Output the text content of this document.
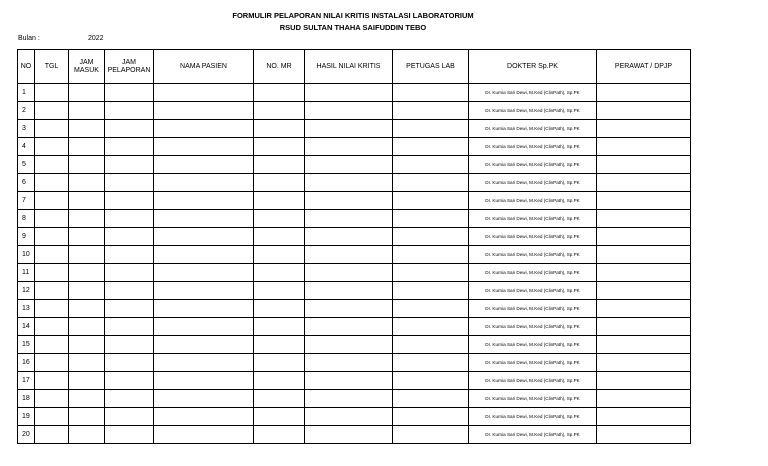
FORMULIR PELAPORAN NILAI KRITIS INSTALASI LABORATORIUM
RSUD SULTAN THAHA SAIFUDDIN TEBO
Bulan :	2022
NO	TGL	JAM MASUK	JAM PELAPORAN	NAMA PASIEN	NO. MR	HASIL NILAI KRITIS	PETUGAS LAB	DOKTER Sp.PK	PERAWAT / DPJP
1								Dr. Kurnia Sari Dewi, M.Ked (ClinPath), Sp.PK	
2								Dr. Kurnia Sari Dewi, M.Ked (ClinPath), Sp.PK	
3								Dr. Kurnia Sari Dewi, M.Ked (ClinPath), Sp.PK	
4								Dr. Kurnia Sari Dewi, M.Ked (ClinPath), Sp.PK	
5								Dr. Kurnia Sari Dewi, M.Ked (ClinPath), Sp.PK	
6								Dr. Kurnia Sari Dewi, M.Ked (ClinPath), Sp.PK	
7								Dr. Kurnia Sari Dewi, M.Ked (ClinPath), Sp.PK	
8								Dr. Kurnia Sari Dewi, M.Ked (ClinPath), Sp.PK	
9								Dr. Kurnia Sari Dewi, M.Ked (ClinPath), Sp.PK	
10								Dr. Kurnia Sari Dewi, M.Ked (ClinPath), Sp.PK	
11								Dr. Kurnia Sari Dewi, M.Ked (ClinPath), Sp.PK	
12								Dr. Kurnia Sari Dewi, M.Ked (ClinPath), Sp.PK	
13								Dr. Kurnia Sari Dewi, M.Ked (ClinPath), Sp.PK	
14								Dr. Kurnia Sari Dewi, M.Ked (ClinPath), Sp.PK	
15								Dr. Kurnia Sari Dewi, M.Ked (ClinPath), Sp.PK	
16								Dr. Kurnia Sari Dewi, M.Ked (ClinPath), Sp.PK	
17								Dr. Kurnia Sari Dewi, M.Ked (ClinPath), Sp.PK	
18								Dr. Kurnia Sari Dewi, M.Ked (ClinPath), Sp.PK	
19								Dr. Kurnia Sari Dewi, M.Ked (ClinPath), Sp.PK	
20								Dr. Kurnia Sari Dewi, M.Ked (ClinPath), Sp.PK	
